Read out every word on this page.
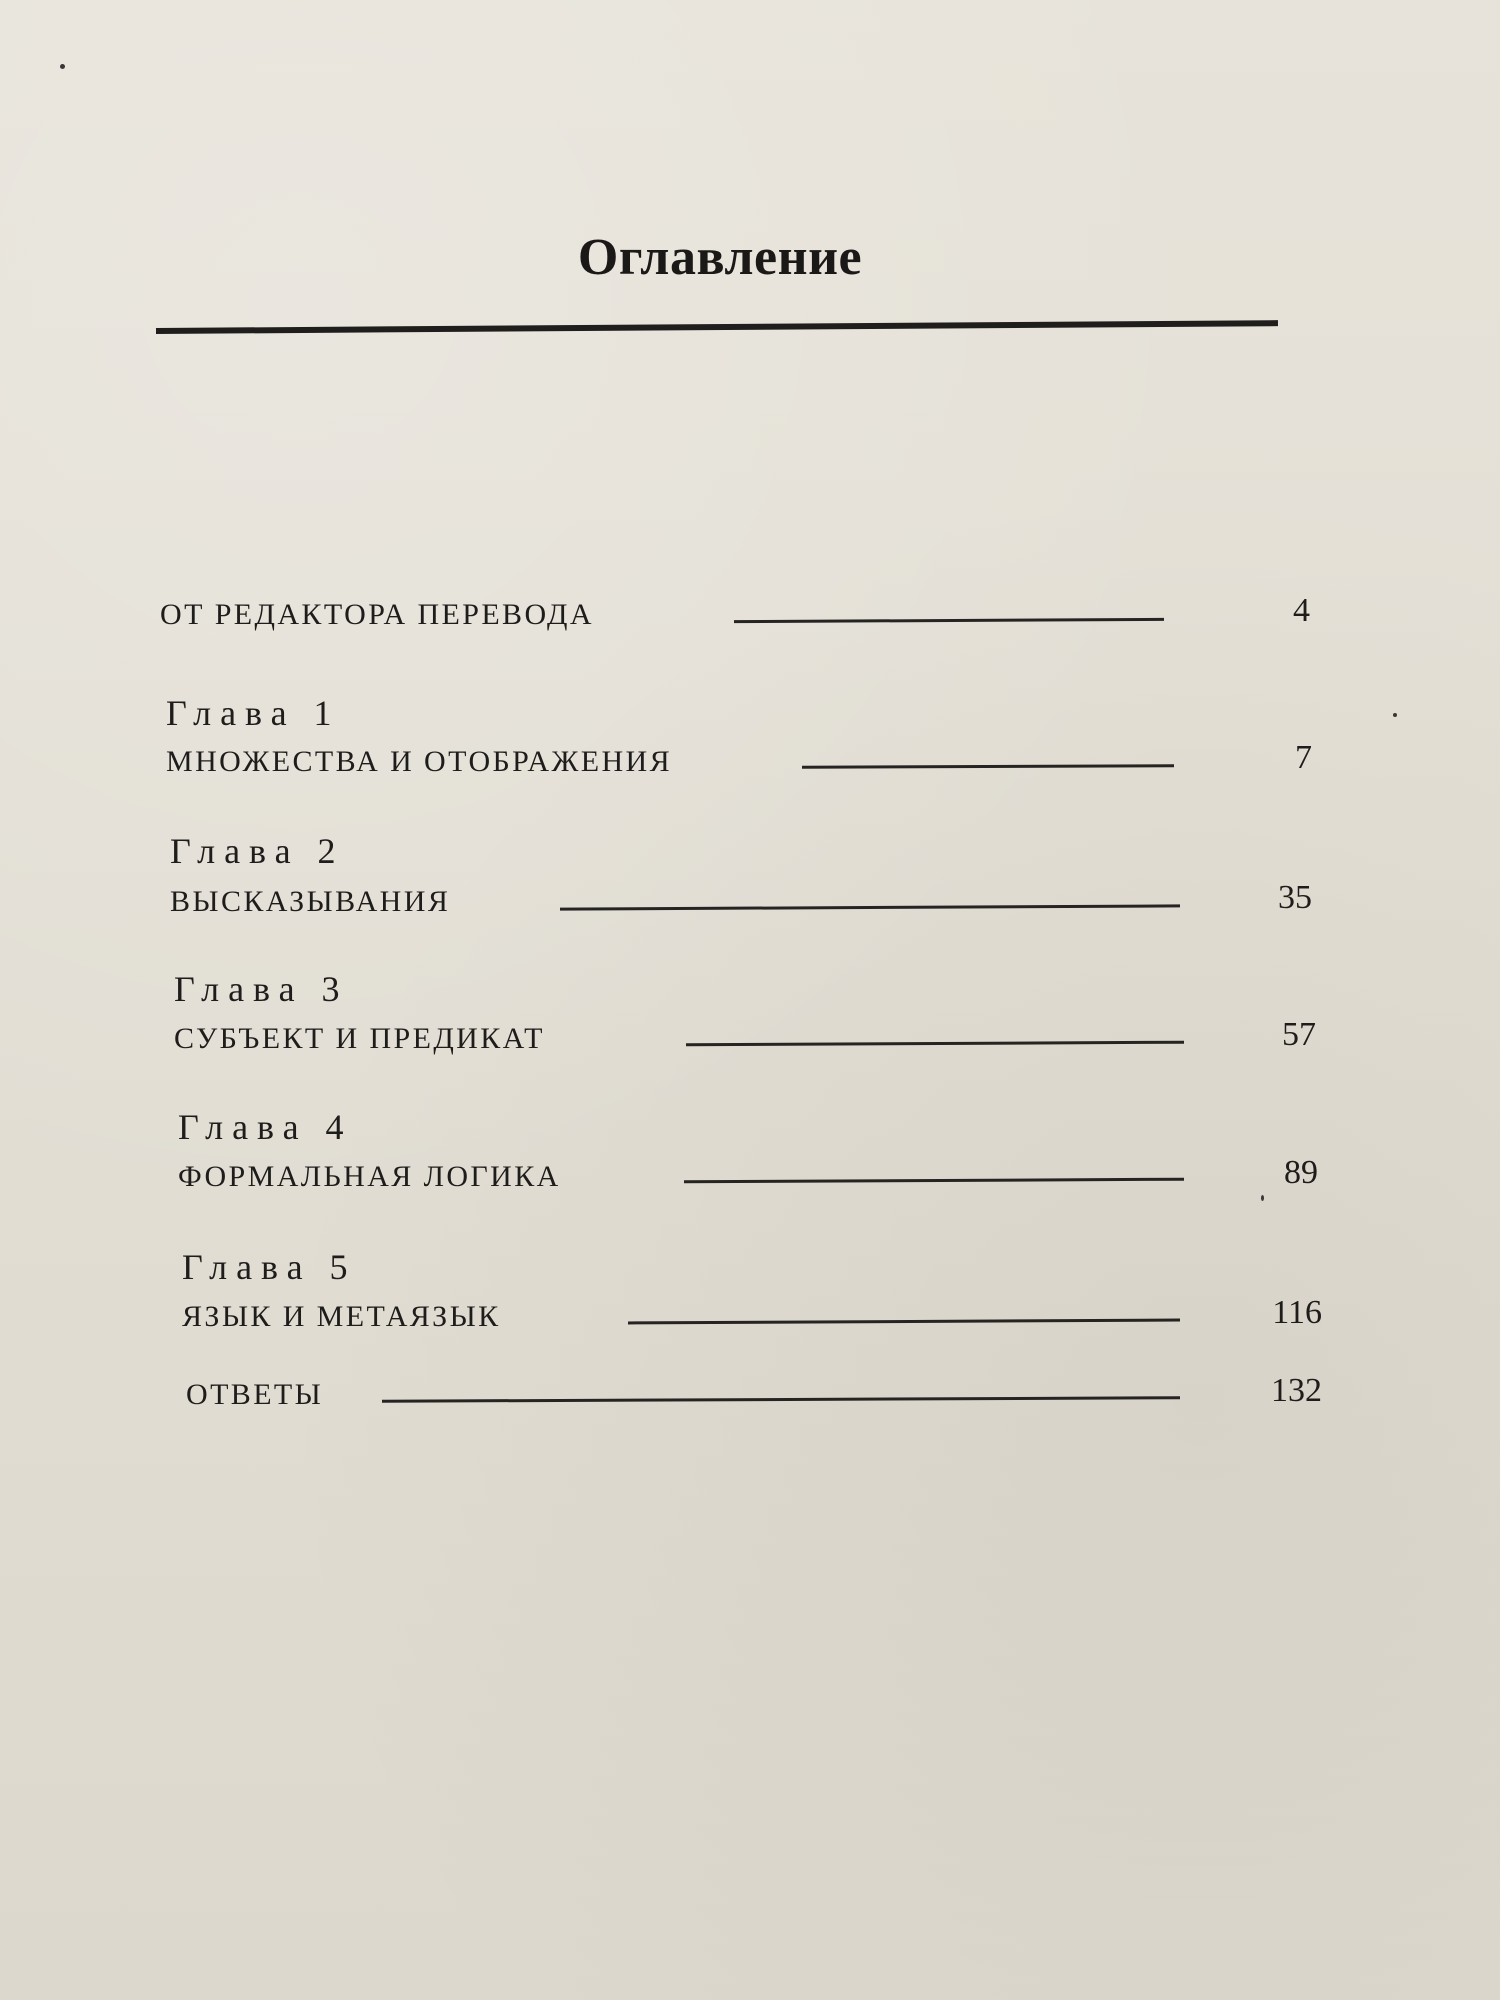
Оглавление
ОТ РЕДАКТОРА ПЕРЕВОДА	4
Глава 1
МНОЖЕСТВА И ОТОБРАЖЕНИЯ	7
Глава 2
ВЫСКАЗЫВАНИЯ	35
Глава 3
СУБЪЕКТ И ПРЕДИКАТ	57
Глава 4
ФОРМАЛЬНАЯ ЛОГИКА	89
Глава 5
ЯЗЫК И МЕТАЯЗЫК	116
ОТВЕТЫ	132
